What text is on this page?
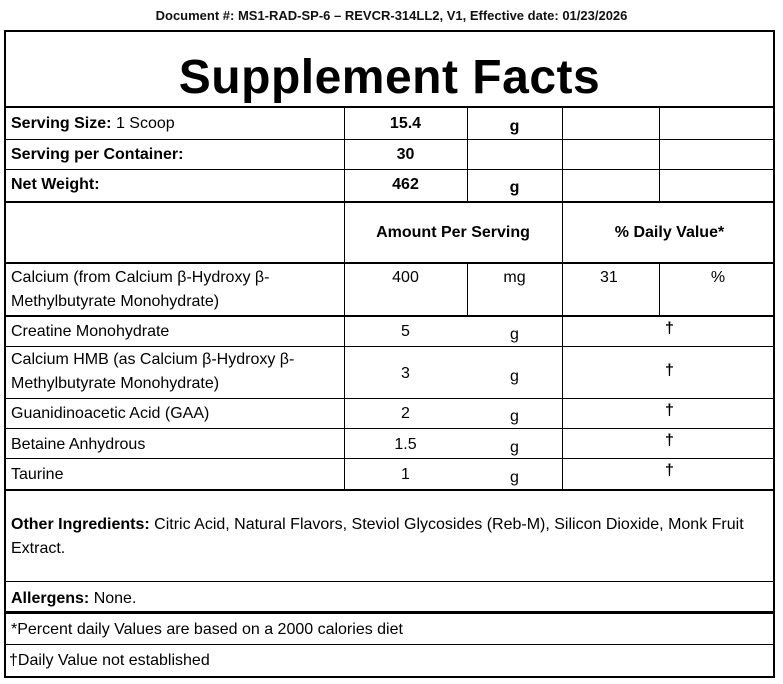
Document #: MS1-RAD-SP-6 – REVCR-314LL2, V1, Effective date: 01/23/2026
Supplement Facts
Serving Size: 1 Scoop	15.4	g
Serving per Container:	30
Net Weight:	462	g
Amount Per Serving	% Daily Value*
Calcium (from Calcium β-Hydroxy β-
Methylbutyrate Monohydrate)
400	mg	31	%
Creatine Monohydrate	5	g	†
Calcium HMB (as Calcium β-Hydroxy β-
Methylbutyrate Monohydrate)
3	g	†
Guanidinoacetic Acid (GAA)	2	g	†
Betaine Anhydrous	1.5	g	†
Taurine	1	g	†
Other Ingredients: Citric Acid, Natural Flavors, Steviol Glycosides (Reb-M), Silicon Dioxide, Monk Fruit Extract.
Allergens: None.
*Percent daily Values are based on a 2000 calories diet
†Daily Value not established
